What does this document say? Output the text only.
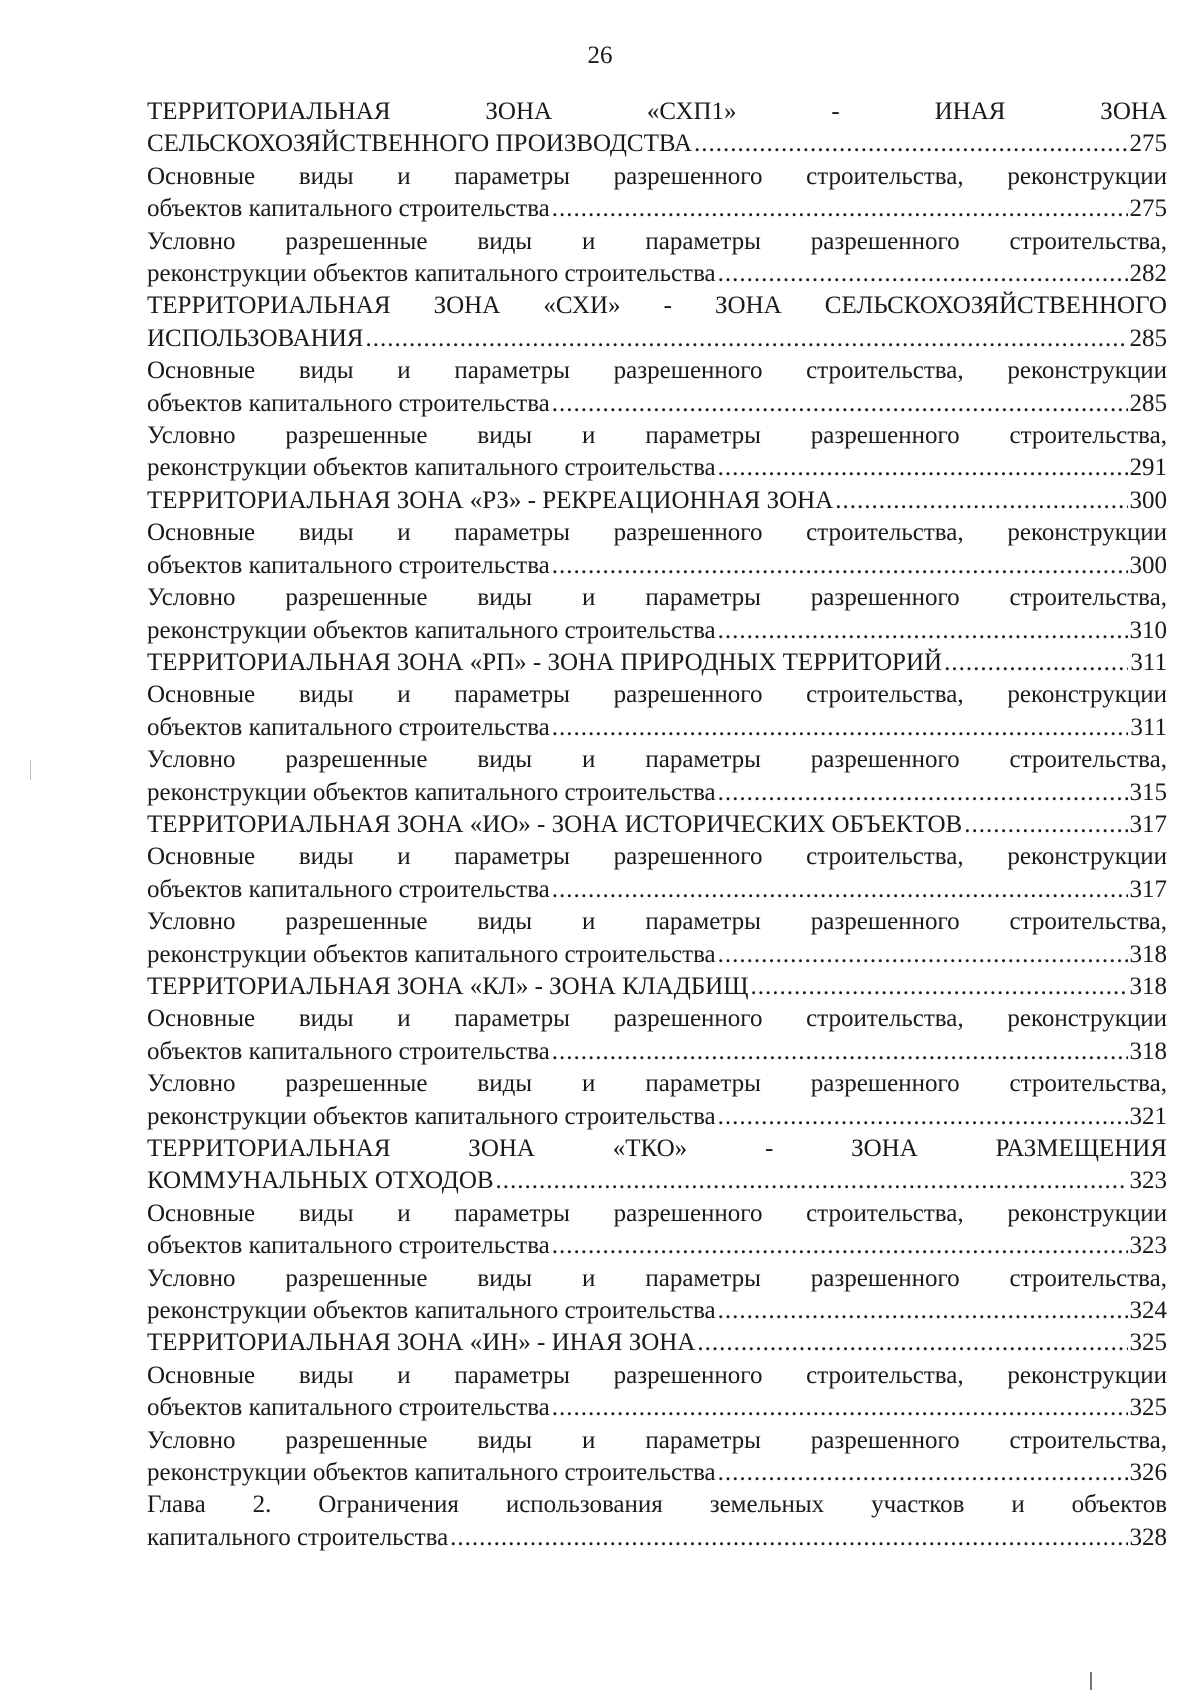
26
ТЕРРИТОРИАЛЬНАЯ ЗОНА «СХП1» - ИНАЯ ЗОНА
СЕЛЬСКОХОЗЯЙСТВЕННОГО ПРОИЗВОДСТВА .....	275
Основные виды и параметры разрешенного строительства, реконструкции
объектов капитального строительства .....	275
Условно разрешенные виды и параметры разрешенного строительства,
реконструкции объектов капитального строительства .....	282
ТЕРРИТОРИАЛЬНАЯ ЗОНА «СХИ» - ЗОНА СЕЛЬСКОХОЗЯЙСТВЕННОГО
ИСПОЛЬЗОВАНИЯ .....	285
Основные виды и параметры разрешенного строительства, реконструкции
объектов капитального строительства .....	285
Условно разрешенные виды и параметры разрешенного строительства,
реконструкции объектов капитального строительства .....	291
ТЕРРИТОРИАЛЬНАЯ ЗОНА «РЗ» - РЕКРЕАЦИОННАЯ ЗОНА .....	300
Основные виды и параметры разрешенного строительства, реконструкции
объектов капитального строительства .....	300
Условно разрешенные виды и параметры разрешенного строительства,
реконструкции объектов капитального строительства .....	310
ТЕРРИТОРИАЛЬНАЯ ЗОНА «РП» - ЗОНА ПРИРОДНЫХ ТЕРРИТОРИЙ .....	311
Основные виды и параметры разрешенного строительства, реконструкции
объектов капитального строительства .....	311
Условно разрешенные виды и параметры разрешенного строительства,
реконструкции объектов капитального строительства .....	315
ТЕРРИТОРИАЛЬНАЯ ЗОНА «ИО» - ЗОНА ИСТОРИЧЕСКИХ ОБЪЕКТОВ .....	317
Основные виды и параметры разрешенного строительства, реконструкции
объектов капитального строительства .....	317
Условно разрешенные виды и параметры разрешенного строительства,
реконструкции объектов капитального строительства .....	318
ТЕРРИТОРИАЛЬНАЯ ЗОНА «КЛ» - ЗОНА КЛАДБИЩ .....	318
Основные виды и параметры разрешенного строительства, реконструкции
объектов капитального строительства .....	318
Условно разрешенные виды и параметры разрешенного строительства,
реконструкции объектов капитального строительства .....	321
ТЕРРИТОРИАЛЬНАЯ ЗОНА «ТКО» - ЗОНА РАЗМЕЩЕНИЯ
КОММУНАЛЬНЫХ ОТХОДОВ .....	323
Основные виды и параметры разрешенного строительства, реконструкции
объектов капитального строительства .....	323
Условно разрешенные виды и параметры разрешенного строительства,
реконструкции объектов капитального строительства .....	324
ТЕРРИТОРИАЛЬНАЯ ЗОНА «ИН» - ИНАЯ ЗОНА .....	325
Основные виды и параметры разрешенного строительства, реконструкции
объектов капитального строительства .....	325
Условно разрешенные виды и параметры разрешенного строительства,
реконструкции объектов капитального строительства .....	326
Глава 2. Ограничения использования земельных участков и объектов
капитального строительства .....	328
